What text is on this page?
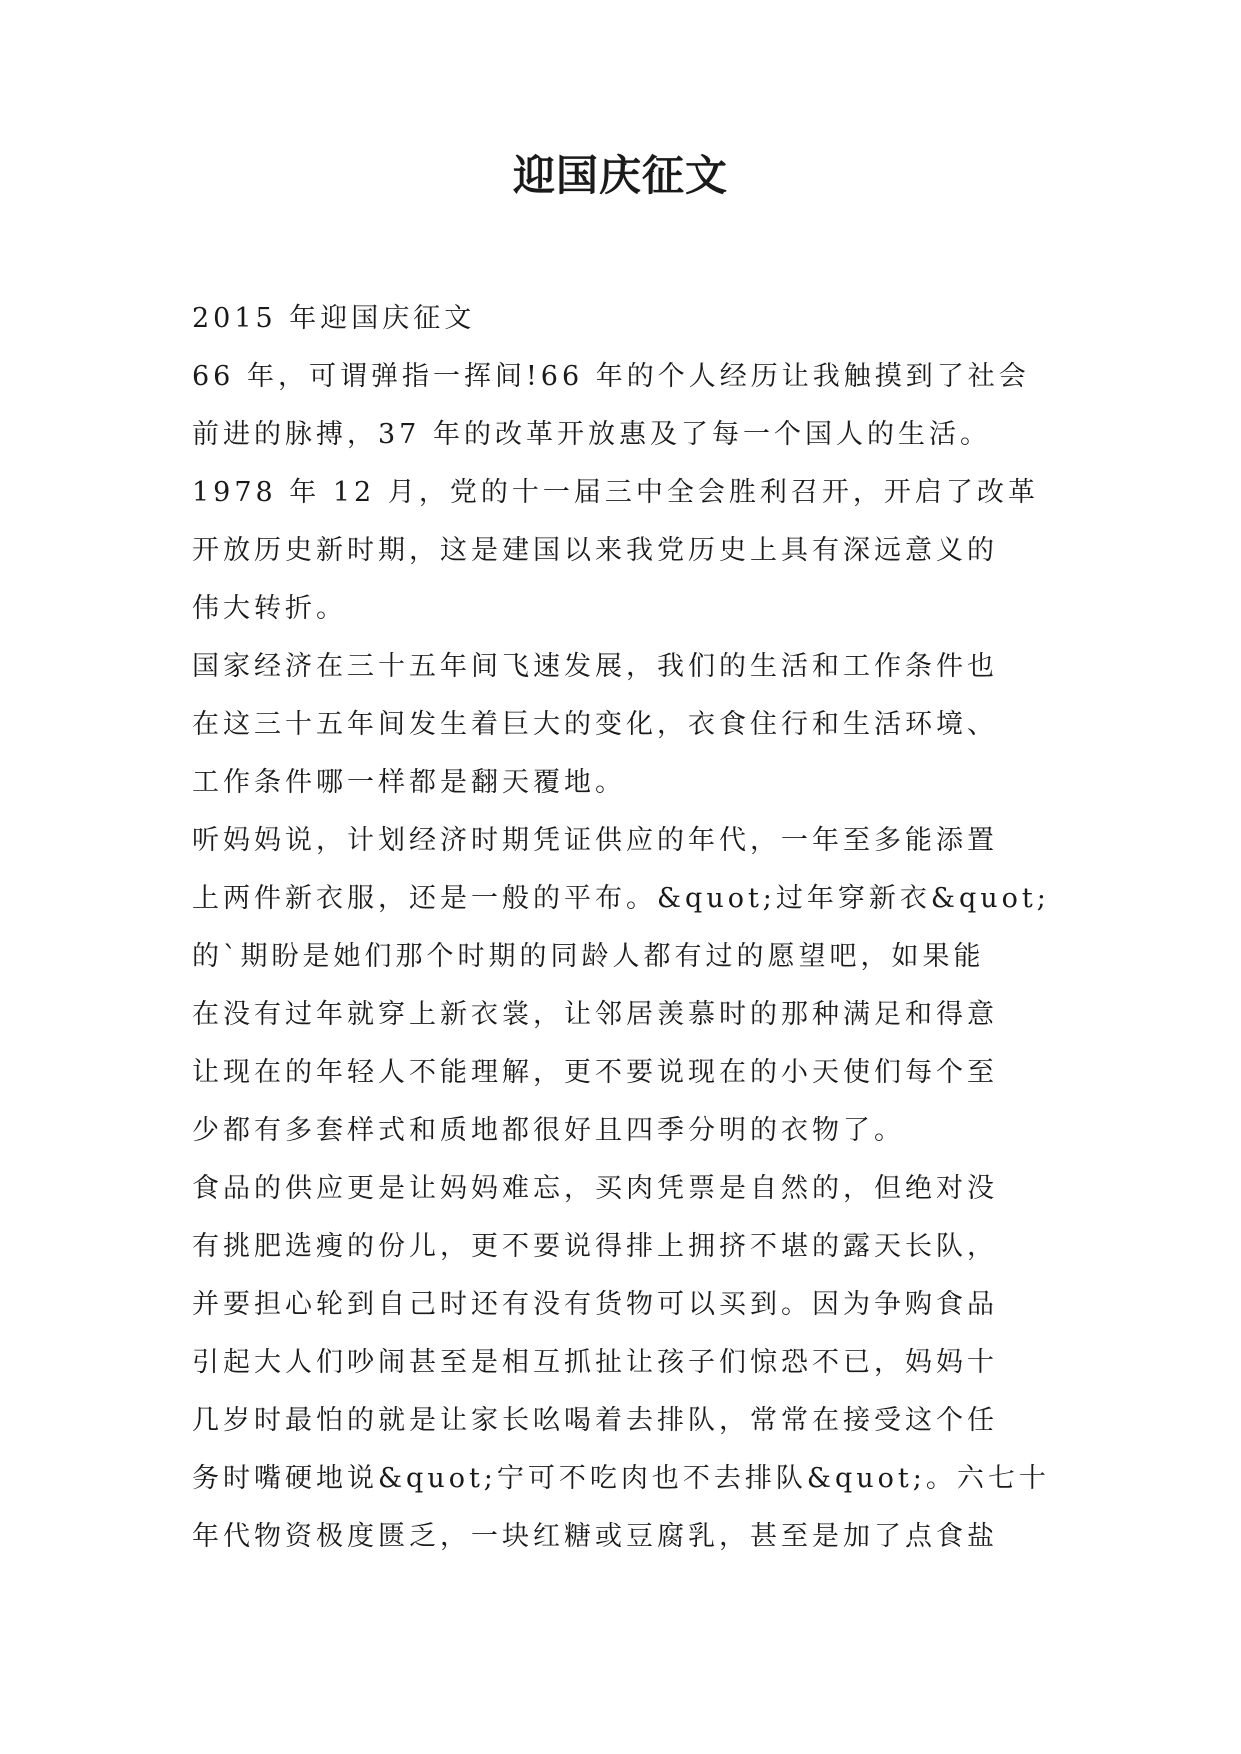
迎国庆征文
2015 年迎国庆征文
66 年，可谓弹指一挥间!66 年的个人经历让我触摸到了社会
前进的脉搏，37 年的改革开放惠及了每一个国人的生活。
1978 年 12 月，党的十一届三中全会胜利召开，开启了改革
开放历史新时期，这是建国以来我党历史上具有深远意义的
伟大转折。
国家经济在三十五年间飞速发展，我们的生活和工作条件也
在这三十五年间发生着巨大的变化，衣食住行和生活环境、
工作条件哪一样都是翻天覆地。
听妈妈说，计划经济时期凭证供应的年代，一年至多能添置
上两件新衣服，还是一般的平布。&quot;过年穿新衣&quot;
的`期盼是她们那个时期的同龄人都有过的愿望吧，如果能
在没有过年就穿上新衣裳，让邻居羡慕时的那种满足和得意
让现在的年轻人不能理解，更不要说现在的小天使们每个至
少都有多套样式和质地都很好且四季分明的衣物了。
食品的供应更是让妈妈难忘，买肉凭票是自然的，但绝对没
有挑肥选瘦的份儿，更不要说得排上拥挤不堪的露天长队，
并要担心轮到自己时还有没有货物可以买到。因为争购食品
引起大人们吵闹甚至是相互抓扯让孩子们惊恐不已，妈妈十
几岁时最怕的就是让家长吆喝着去排队，常常在接受这个任
务时嘴硬地说&quot;宁可不吃肉也不去排队&quot;。六七十
年代物资极度匮乏，一块红糖或豆腐乳，甚至是加了点食盐
